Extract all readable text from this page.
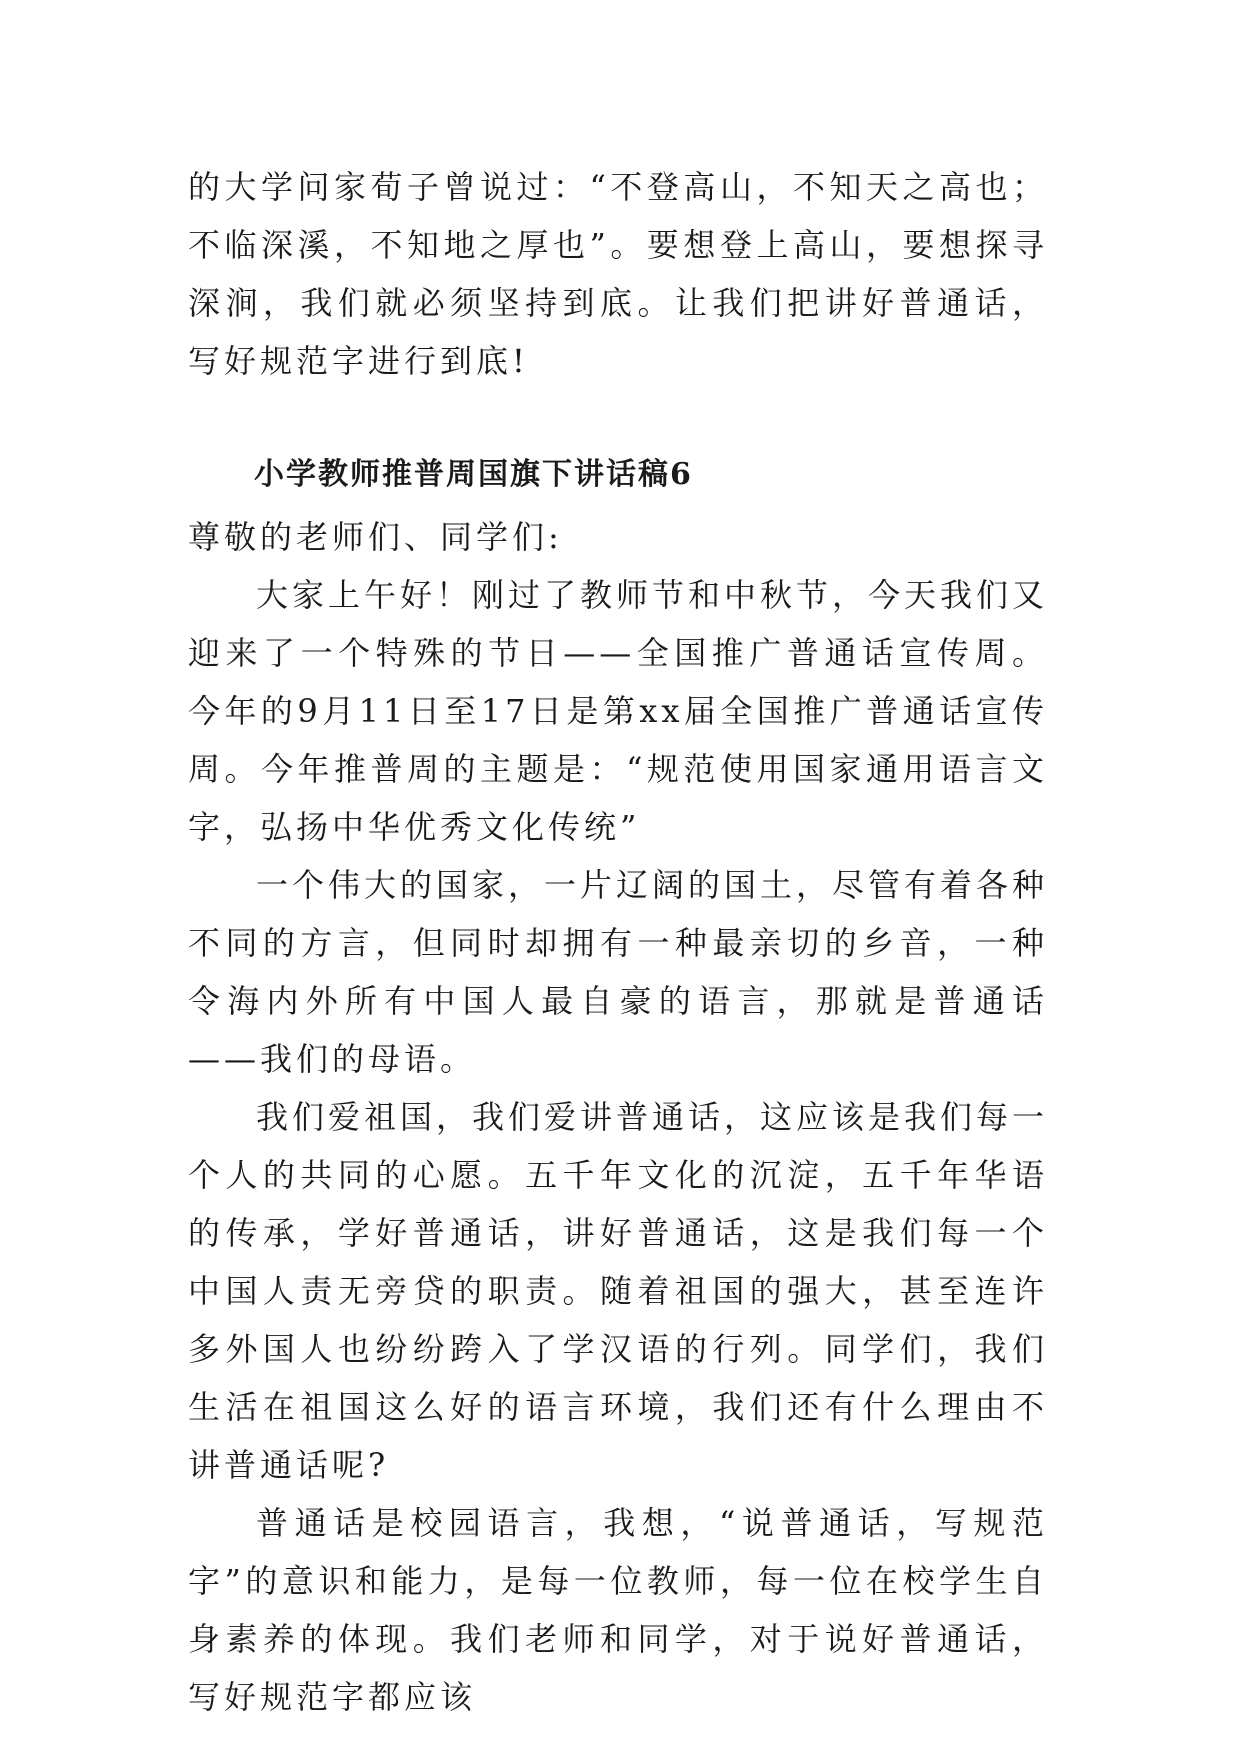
的大学问家荀子曾说过：“不登高山，不知天之高也；不临深溪，不知地之厚也”。要想登上高山，要想探寻深涧，我们就必须坚持到底。让我们把讲好普通话，写好规范字进行到底!

小学教师推普周国旗下讲话稿6

尊敬的老师们、同学们:

大家上午好！刚过了教师节和中秋节，今天我们又迎来了一个特殊的节日——全国推广普通话宣传周。今年的9月11日至17日是第xx届全国推广普通话宣传周。今年推普周的主题是：“规范使用国家通用语言文字，弘扬中华优秀文化传统”

一个伟大的国家，一片辽阔的国土，尽管有着各种不同的方言，但同时却拥有一种最亲切的乡音，一种令海内外所有中国人最自豪的语言，那就是普通话——我们的母语。

我们爱祖国，我们爱讲普通话，这应该是我们每一个人的共同的心愿。五千年文化的沉淀，五千年华语的传承，学好普通话，讲好普通话，这是我们每一个中国人责无旁贷的职责。随着祖国的强大，甚至连许多外国人也纷纷跨入了学汉语的行列。同学们，我们生活在祖国这么好的语言环境，我们还有什么理由不讲普通话呢?

普通话是校园语言，我想，“说普通话，写规范字”的意识和能力，是每一位教师，每一位在校学生自身素养的体现。我们老师和同学，对于说好普通话，写好规范字都应该
